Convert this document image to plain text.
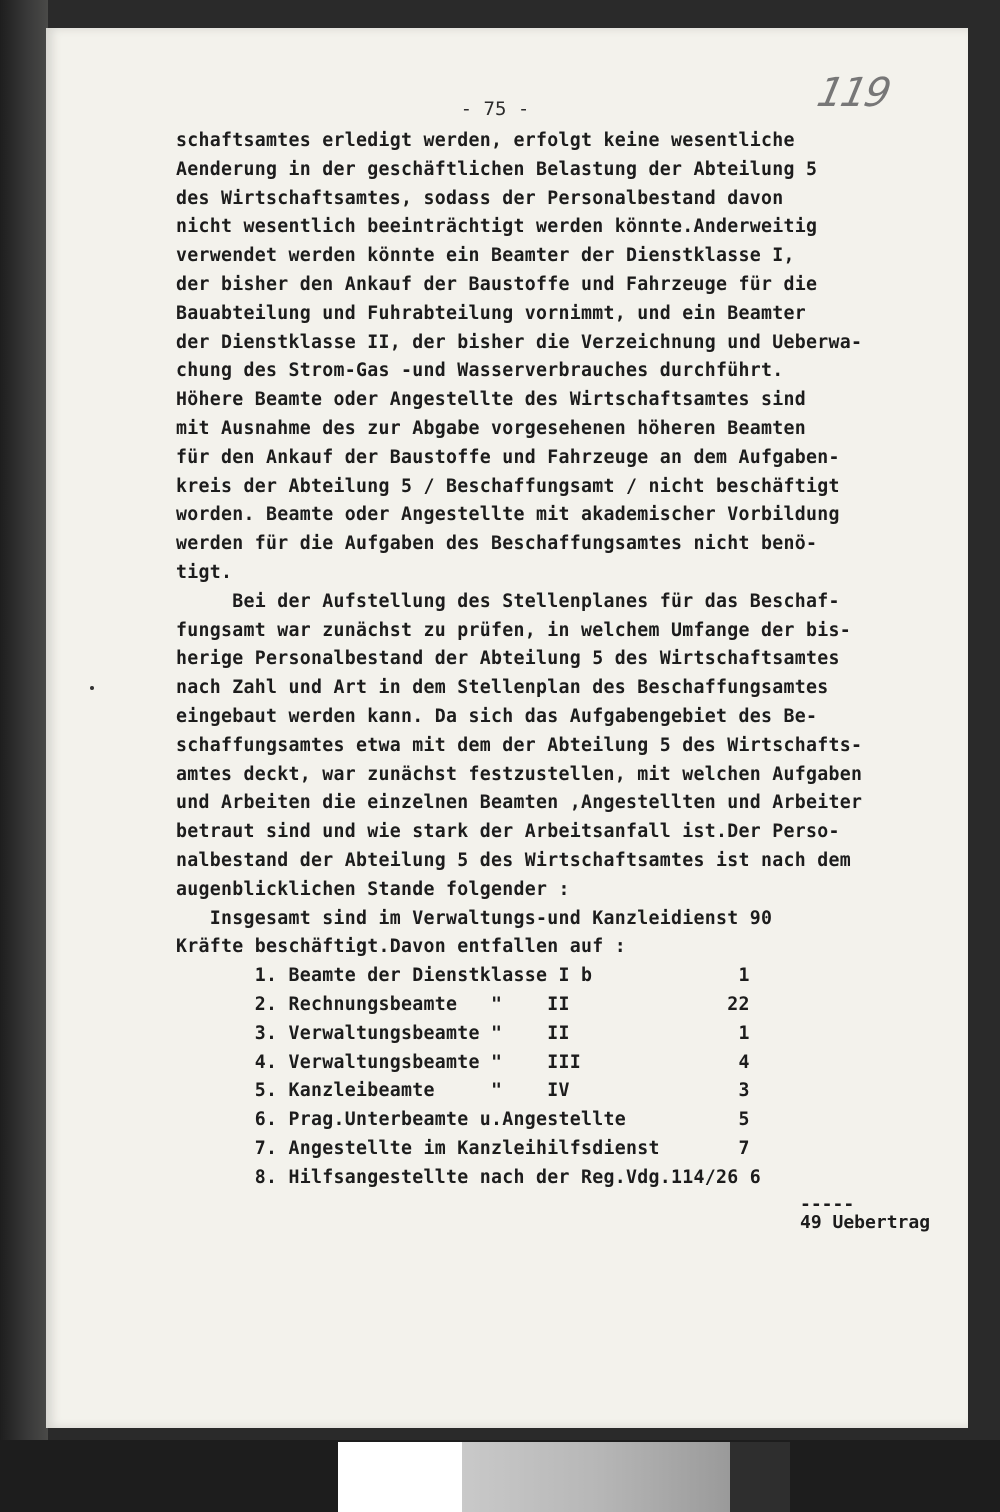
- 75 -	119
schaftsamtes erledigt werden, erfolgt keine wesentliche
Aenderung in der geschäftlichen Belastung der Abteilung 5
des Wirtschaftsamtes, sodass der Personalbestand davon
nicht wesentlich beeinträchtigt werden könnte.Anderweitig
verwendet werden könnte ein Beamter der Dienstklasse I,
der bisher den Ankauf der Baustoffe und Fahrzeuge für die
Bauabteilung und Fuhrabteilung vornimmt, und ein Beamter
der Dienstklasse II, der bisher die Verzeichnung und Ueberwa-
chung des Strom-Gas -und Wasserverbrauches durchführt.
Höhere Beamte oder Angestellte des Wirtschaftsamtes sind
mit Ausnahme des zur Abgabe vorgesehenen höheren Beamten
für den Ankauf der Baustoffe und Fahrzeuge an dem Aufgaben-
kreis der Abteilung 5 / Beschaffungsamt / nicht beschäftigt
worden. Beamte oder Angestellte mit akademischer Vorbildung
werden für die Aufgaben des Beschaffungsamtes nicht benö-
tigt.
Bei der Aufstellung des Stellenplanes für das Beschaf-
fungsamt war zunächst zu prüfen, in welchem Umfange der bis-
herige Personalbestand der Abteilung 5 des Wirtschaftsamtes
nach Zahl und Art in dem Stellenplan des Beschaffungsamtes
eingebaut werden kann. Da sich das Aufgabengebiet des Be-
schaffungsamtes etwa mit dem der Abteilung 5 des Wirtschafts-
amtes deckt, war zunächst festzustellen, mit welchen Aufgaben
und Arbeiten die einzelnen Beamten ,Angestellten und Arbeiter
betraut sind und wie stark der Arbeitsanfall ist.Der Perso-
nalbestand der Abteilung 5 des Wirtschaftsamtes ist nach dem
augenblicklichen Stande folgender :
Insgesamt sind im Verwaltungs-und Kanzleidienst 90
Kräfte beschäftigt.Davon entfallen auf :
1. Beamte der Dienstklasse I b             1
2. Rechnungsbeamte   "    II              22
3. Verwaltungsbeamte "    II               1
4. Verwaltungsbeamte "    III              4
5. Kanzleibeamte     "    IV               3
6. Prag.Unterbeamte u.Angestellte          5
7. Angestellte im Kanzleihilfsdienst       7
8. Hilfsangestellte nach der Reg.Vdg.114/26 6
-----
49 Uebertrag
